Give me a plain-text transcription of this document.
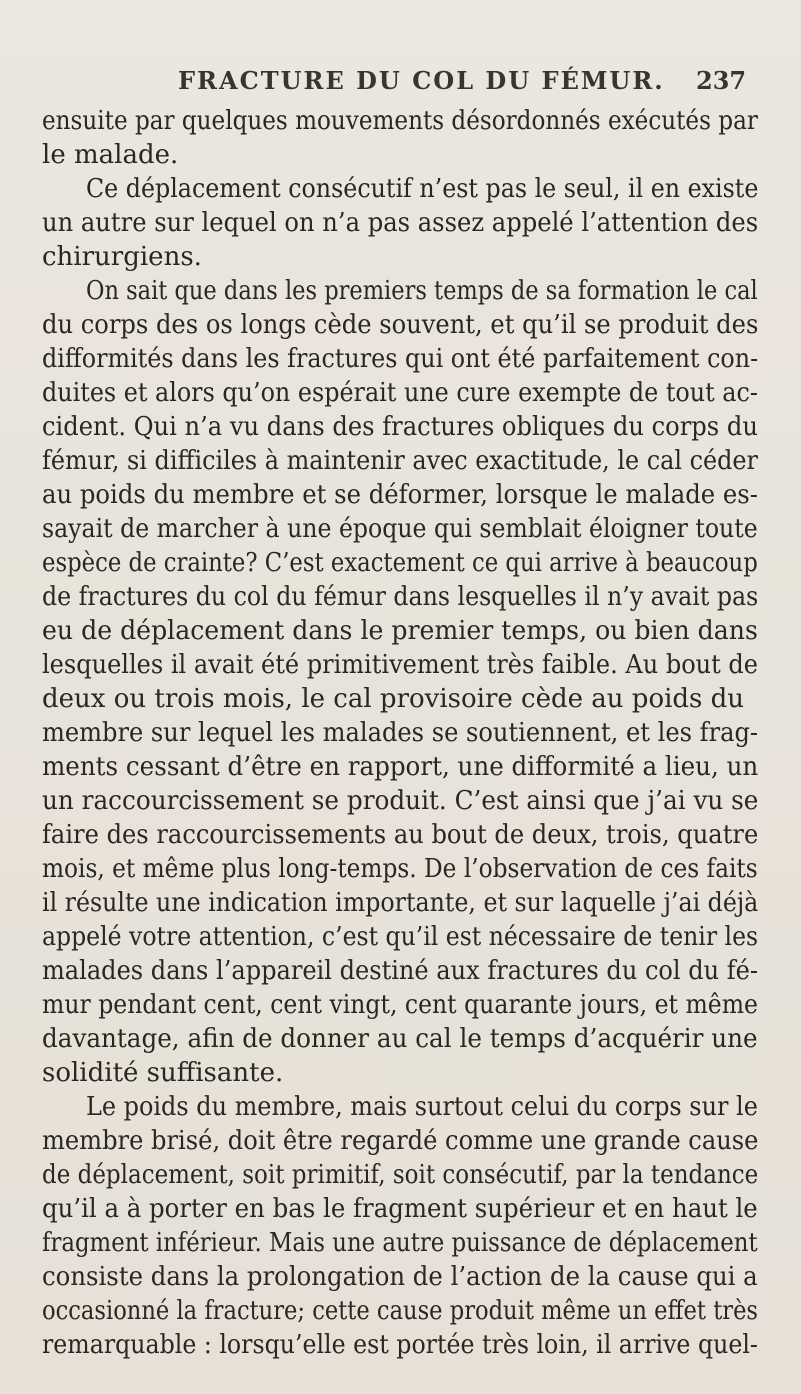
FRACTURE DU COL DU FÉMUR. 237
ensuite par quelques mouvements désordonnés exécutés par
le malade.
Ce déplacement consécutif n’est pas le seul, il en existe
un autre sur lequel on n’a pas assez appelé l’attention des
chirurgiens.
On sait que dans les premiers temps de sa formation le cal
du corps des os longs cède souvent, et qu’il se produit des
difformités dans les fractures qui ont été parfaitement con-
duites et alors qu’on espérait une cure exempte de tout ac-
cident. Qui n’a vu dans des fractures obliques du corps du
fémur, si difficiles à maintenir avec exactitude, le cal céder
au poids du membre et se déformer, lorsque le malade es-
sayait de marcher à une époque qui semblait éloigner toute
espèce de crainte? C’est exactement ce qui arrive à beaucoup
de fractures du col du fémur dans lesquelles il n’y avait pas
eu de déplacement dans le premier temps, ou bien dans
lesquelles il avait été primitivement très faible. Au bout de
deux ou trois mois, le cal provisoire cède au poids du
membre sur lequel les malades se soutiennent, et les frag-
ments cessant d’être en rapport, une difformité a lieu, un
un raccourcissement se produit. C’est ainsi que j’ai vu se
faire des raccourcissements au bout de deux, trois, quatre
mois, et même plus long-temps. De l’observation de ces faits
il résulte une indication importante, et sur laquelle j’ai déjà
appelé votre attention, c’est qu’il est nécessaire de tenir les
malades dans l’appareil destiné aux fractures du col du fé-
mur pendant cent, cent vingt, cent quarante jours, et même
davantage, afin de donner au cal le temps d’acquérir une
solidité suffisante.
Le poids du membre, mais surtout celui du corps sur le
membre brisé, doit être regardé comme une grande cause
de déplacement, soit primitif, soit consécutif, par la tendance
qu’il a à porter en bas le fragment supérieur et en haut le
fragment inférieur. Mais une autre puissance de déplacement
consiste dans la prolongation de l’action de la cause qui a
occasionné la fracture; cette cause produit même un effet très
remarquable : lorsqu’elle est portée très loin, il arrive quel-
